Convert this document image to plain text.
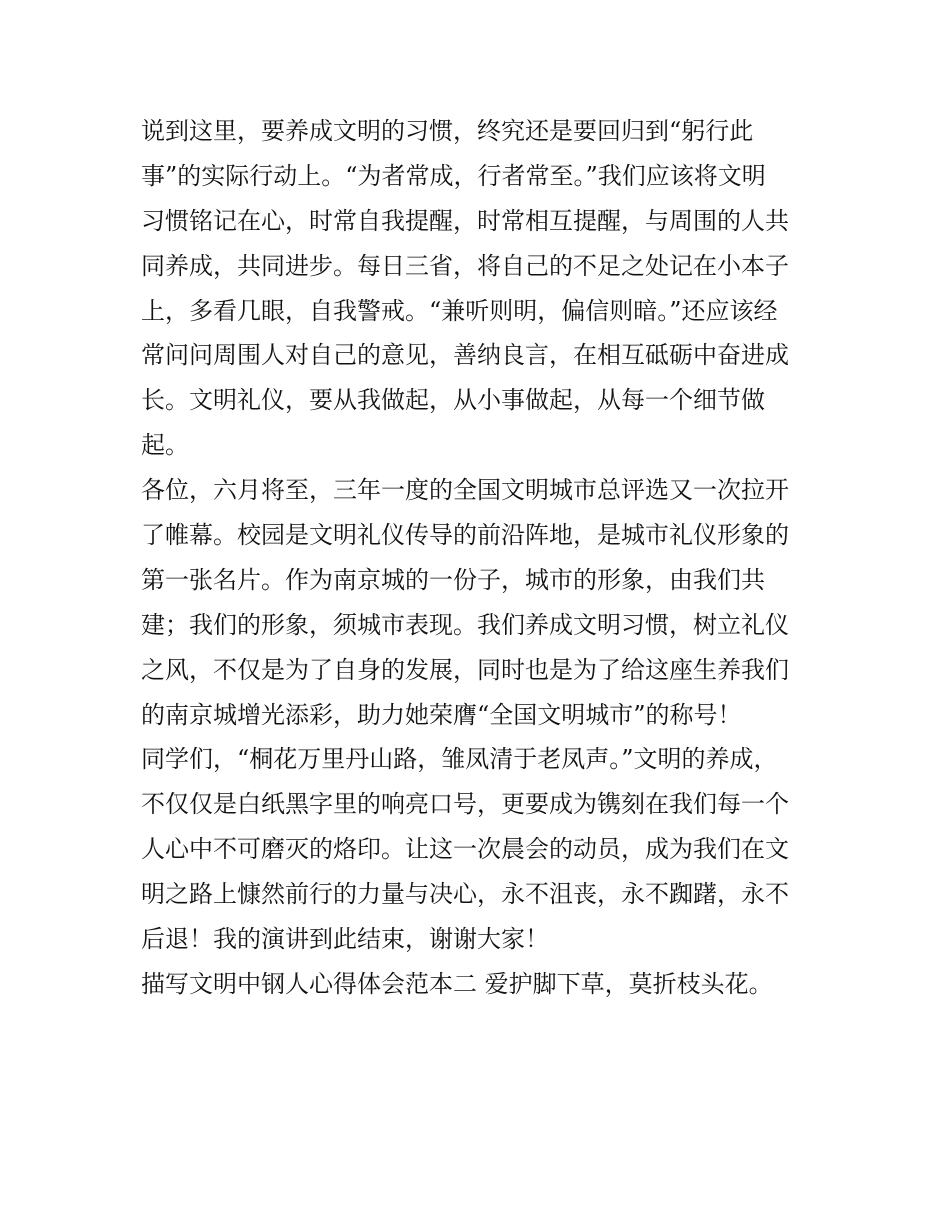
说到这里，要养成文明的习惯，终究还是要回归到“躬行此
事”的实际行动上。“为者常成，行者常至。”我们应该将文明
习惯铭记在心，时常自我提醒，时常相互提醒，与周围的人共
同养成，共同进步。每日三省，将自己的不足之处记在小本子
上，多看几眼，自我警戒。“兼听则明，偏信则暗。”还应该经
常问问周围人对自己的意见，善纳良言，在相互砥砺中奋进成
长。文明礼仪，要从我做起，从小事做起，从每一个细节做
起。
各位，六月将至，三年一度的全国文明城市总评选又一次拉开
了帷幕。校园是文明礼仪传导的前沿阵地，是城市礼仪形象的
第一张名片。作为南京城的一份子，城市的形象，由我们共
建；我们的形象，须城市表现。我们养成文明习惯，树立礼仪
之风，不仅是为了自身的发展，同时也是为了给这座生养我们
的南京城增光添彩，助力她荣膺“全国文明城市”的称号！
同学们，“桐花万里丹山路，雏凤清于老凤声。”文明的养成，
不仅仅是白纸黑字里的响亮口号，更要成为镌刻在我们每一个
人心中不可磨灭的烙印。让这一次晨会的动员，成为我们在文
明之路上慷然前行的力量与决心，永不沮丧，永不踟躇，永不
后退！我的演讲到此结束，谢谢大家！
描写文明中钢人心得体会范本二 爱护脚下草，莫折枝头花。
